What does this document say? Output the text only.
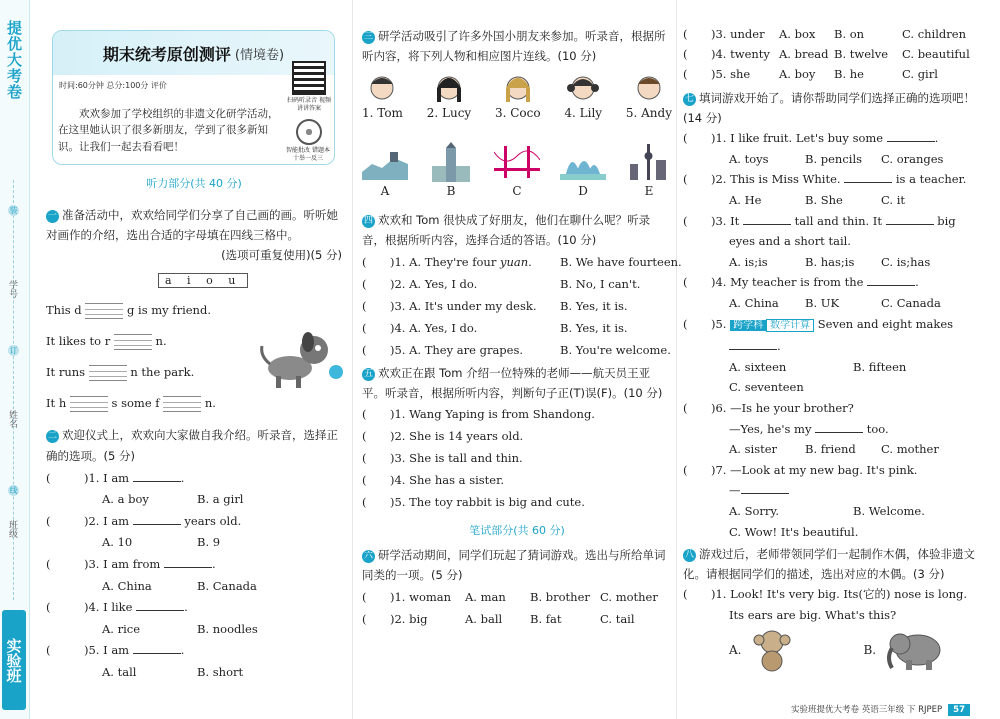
提优大考卷
装
订
线
学号
姓名
班级
实验班
期末统考原创测评 (情境卷)
时间:60分钟 总分:100分 评价
扫码听录音 视频讲讲答案
智能批改 错题本十举一反三
欢欢参加了学校组织的非遗文化研学活动，在这里她认识了很多新朋友，学到了很多新知识。让我们一起去看看吧！
听力部分(共 40 分)
一 准备活动中，欢欢给同学们分享了自己画的画。听听她对画作的介绍，选出合适的字母填在四线三格中。
(选项可重复使用)(5 分)
a i o u
This d	g is my friend.
It likes to r	n.
It runs	n the park.
It h	s some f	n.
二 欢迎仪式上，欢欢向大家做自我介绍。听录音，选择正确的选项。(5 分)
(	)1. I am	.
A. a boy	B. a girl
(	)2. I am	years old.
A. 10	B. 9
(	)3. I am from	.
A. China	B. Canada
(	)4. I like	.
A. rice	B. noodles
(	)5. I am	.
A. tall	B. short
三 研学活动吸引了许多外国小朋友来参加。听录音，根据所听内容，将下列人物和相应图片连线。(10 分)
1. Tom 2. Lucy 3. Coco 4. Lily 5. Andy
A	B	C	D	E
四 欢欢和 Tom 很快成了好朋友，他们在聊什么呢？听录音，根据所听内容，选择合适的答语。(10 分)
( )1. A. They're four yuan. B. We have fourteen.
( )2. A. Yes, I do.	B. No, I can't.
( )3. A. It's under my desk. B. Yes, it is.
( )4. A. Yes, I do.	B. Yes, it is.
( )5. A. They are grapes.	B. You're welcome.
五 欢欢正在跟 Tom 介绍一位特殊的老师——航天员王亚平。听录音，根据所听内容，判断句子正(T)误(F)。(10 分)
( )1. Wang Yaping is from Shandong.
( )2. She is 14 years old.
( )3. She is tall and thin.
( )4. She has a sister.
( )5. The toy rabbit is big and cute.
笔试部分(共 60 分)
六 研学活动期间，同学们玩起了猜词游戏。选出与所给单词同类的一项。(5 分)
( )1. woman A. man B. brother C. mother
( )2. big	A. ball B. fat	C. tail
( )3. under A. box B. on	C. children
( )4. twenty A. bread B. twelve C. beautiful
( )5. she	A. boy B. he	C. girl
七 填词游戏开始了。请你帮助同学们选择正确的选项吧！(14 分)
( )1. I like fruit. Let's buy some	.
A. toys	B. pencils C. oranges
( )2. This is Miss White.	is a teacher.
A. He	B. She	C. it
( )3. It	tall and thin. It	big
eyes and a short tail.
A. is;is	B. has;is C. is;has
( )4. My teacher is from the	.
A. China B. UK	C. Canada
( )5. 跨学科 数学计算 Seven and eight makes
.
A. sixteen	B. fifteen
C. seventeen
( )6. —Is he your brother?
—Yes, he's my	too.
A. sister B. friend C. mother
( )7. —Look at my new bag. It's pink.
—
A. Sorry.	B. Welcome.
C. Wow! It's beautiful.
八 游戏过后，老师带领同学们一起制作木偶，体验非遗文化。请根据同学们的描述，选出对应的木偶。(3 分)
( )1. Look! It's very big. Its(它的) nose is long.
Its ears are big. What's this?
A.	B.
实验班提优大考卷 英语三年级 下 RJPEP 57
